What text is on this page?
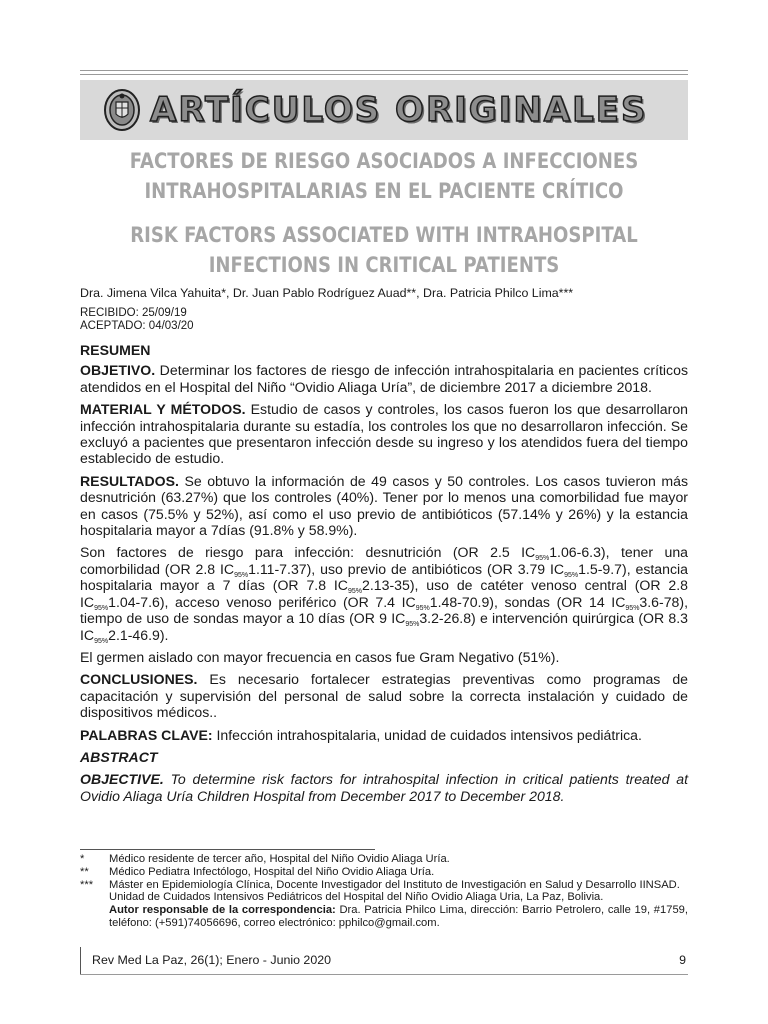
ARTÍCULOS ORIGINALES
FACTORES DE RIESGO ASOCIADOS A INFECCIONES
INTRAHOSPITALARIAS EN EL PACIENTE CRÍTICO
RISK FACTORS ASSOCIATED WITH INTRAHOSPITAL
INFECTIONS IN CRITICAL PATIENTS
Dra. Jimena Vilca Yahuita*, Dr. Juan Pablo Rodríguez Auad**, Dra. Patricia Philco Lima***
RECIBIDO: 25/09/19
ACEPTADO: 04/03/20

RESUMEN

OBJETIVO. Determinar los factores de riesgo de infección intrahospitalaria en pacientes críticos atendidos en el Hospital del Niño “Ovidio Aliaga Uría”, de diciembre 2017 a diciembre 2018.

MATERIAL Y MÉTODOS. Estudio de casos y controles, los casos fueron los que desarrollaron infección intrahospitalaria durante su estadía, los controles los que no desarrollaron infección. Se excluyó a pacientes que presentaron infección desde su ingreso y los atendidos fuera del tiempo establecido de estudio.

RESULTADOS. Se obtuvo la información de 49 casos y 50 controles. Los casos tuvieron más desnutrición (63.27%) que los controles (40%). Tener por lo menos una comorbilidad fue mayor en casos (75.5% y 52%), así como el uso previo de antibióticos (57.14% y 26%) y la estancia hospitalaria mayor a 7días (91.8% y 58.9%).

Son factores de riesgo para infección: desnutrición (OR 2.5 $IC_{95\%}1.06-6.3$), tener una comorbilidad (OR 2.8 $IC_{95\%}1.11-7.37$), uso previo de antibióticos (OR 3.79 $IC_{95\%}1.5-9.7$), estancia hospitalaria mayor a 7 días (OR 7.8 $IC_{95\%}2.13-35$), uso de catéter venoso central (OR 2.8 $IC_{95\%}1.04-7.6$), acceso venoso periférico (OR 7.4 $IC_{95\%}1.48-70.9$), sondas (OR 14 $IC_{95\%}3.6-78$), tiempo de uso de sondas mayor a 10 días (OR 9 $IC_{95\%}3.2-26.8$) e intervención quirúrgica (OR 8.3 $IC_{95\%}2.1-46.9$).

El germen aislado con mayor frecuencia en casos fue Gram Negativo (51%).

CONCLUSIONES. Es necesario fortalecer estrategias preventivas como programas de capacitación y supervisión del personal de salud sobre la correcta instalación y cuidado de dispositivos médicos..

PALABRAS CLAVE: Infección intrahospitalaria, unidad de cuidados intensivos pediátrica.

ABSTRACT

OBJECTIVE. To determine risk factors for intrahospital infection in critical patients treated at Ovidio Aliaga Uría Children Hospital from December 2017 to December 2018.

*	Médico residente de tercer año, Hospital del Niño Ovidio Aliaga Uría.
**	Médico Pediatra Infectólogo, Hospital del Niño Ovidio Aliaga Uría.
***	Máster en Epidemiología Clínica, Docente Investigador del Instituto de Investigación en Salud y Desarrollo IINSAD.
Unidad de Cuidados Intensivos Pediátricos del Hospital del Niño Ovidio Aliaga Uria, La Paz, Bolivia.
Autor responsable de la correspondencia: Dra. Patricia Philco Lima, dirección: Barrio Petrolero, calle 19, #1759, teléfono: (+591)74056696, correo electrónico: pphilco@gmail.com.
Rev Med La Paz, 26(1); Enero - Junio 2020	9
